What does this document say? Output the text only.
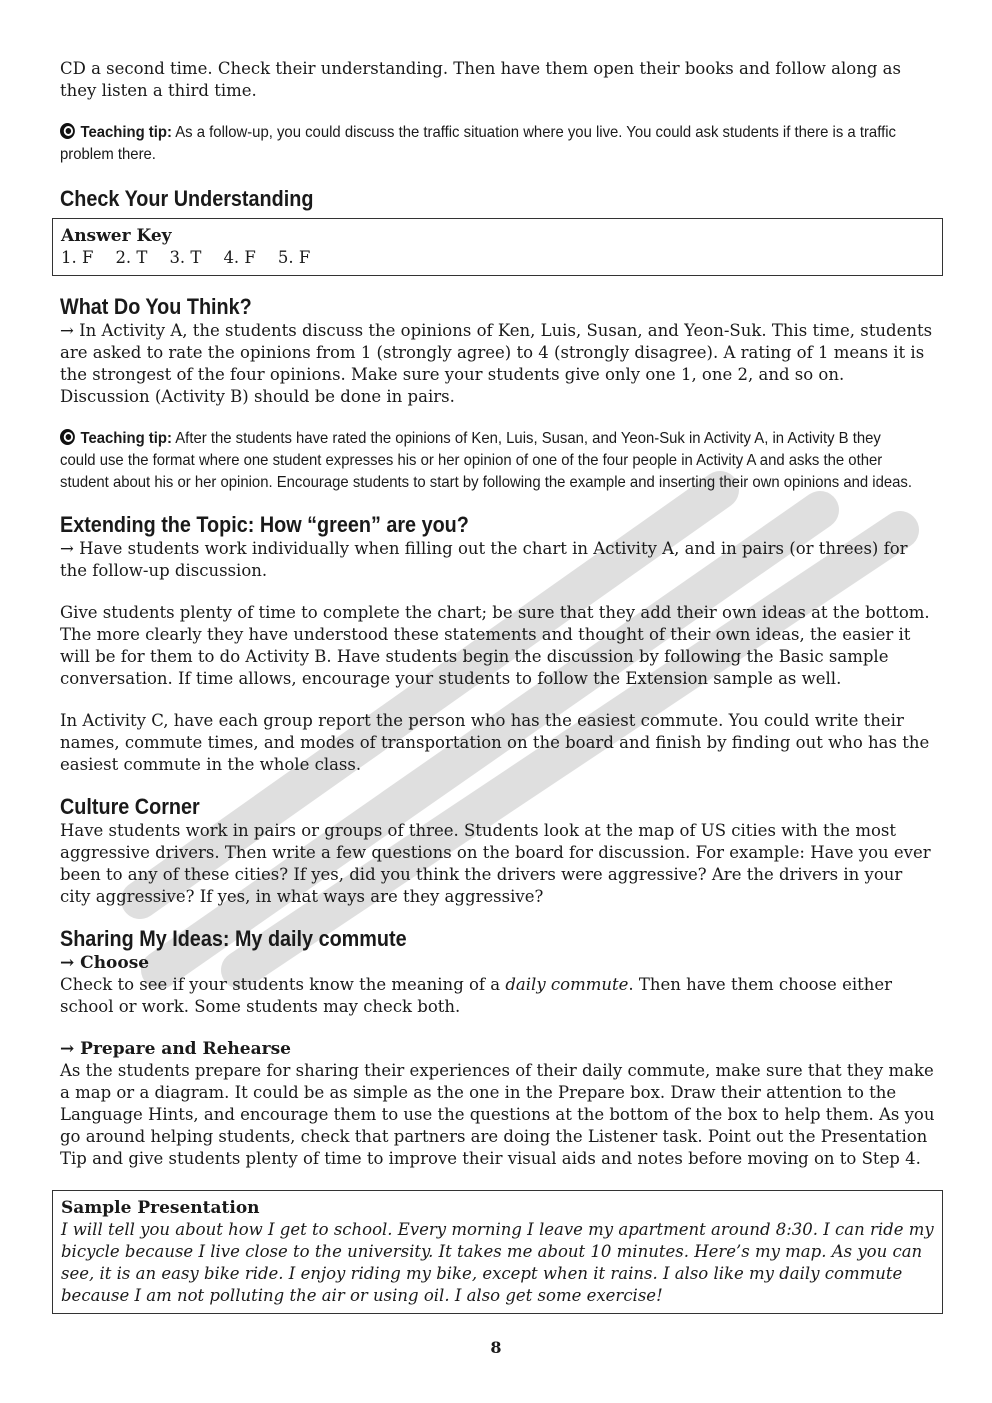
CD a second time. Check their understanding. Then have them open their books and follow along as they listen a third time.

Teaching tip: As a follow-up, you could discuss the traffic situation where you live. You could ask students if there is a traffic problem there.

Check Your Understanding
Answer Key
1. F 2. T 3. T 4. F 5. F
What Do You Think?

→ In Activity A, the students discuss the opinions of Ken, Luis, Susan, and Yeon-Suk. This time, students are asked to rate the opinions from 1 (strongly agree) to 4 (strongly disagree). A rating of 1 means it is the strongest of the four opinions. Make sure your students give only one 1, one 2, and so on. Discussion (Activity B) should be done in pairs.

Teaching tip: After the students have rated the opinions of Ken, Luis, Susan, and Yeon-Suk in Activity A, in Activity B they could use the format where one student expresses his or her opinion of one of the four people in Activity A and asks the other student about his or her opinion. Encourage students to start by following the example and inserting their own opinions and ideas.

Extending the Topic: How “green” are you?

→ Have students work individually when filling out the chart in Activity A, and in pairs (or threes) for the follow-up discussion.

Give students plenty of time to complete the chart; be sure that they add their own ideas at the bottom. The more clearly they have understood these statements and thought of their own ideas, the easier it will be for them to do Activity B. Have students begin the discussion by following the Basic sample conversation. If time allows, encourage your students to follow the Extension sample as well.

In Activity C, have each group report the person who has the easiest commute. You could write their names, commute times, and modes of transportation on the board and finish by finding out who has the easiest commute in the whole class.

Culture Corner

Have students work in pairs or groups of three. Students look at the map of US cities with the most aggressive drivers. Then write a few questions on the board for discussion. For example: Have you ever been to any of these cities? If yes, did you think the drivers were aggressive? Are the drivers in your city aggressive? If yes, in what ways are they aggressive?

Sharing My Ideas: My daily commute
→ Choose

Check to see if your students know the meaning of a daily commute. Then have them choose either school or work. Some students may check both.

→ Prepare and Rehearse

As the students prepare for sharing their experiences of their daily commute, make sure that they make a map or a diagram. It could be as simple as the one in the Prepare box. Draw their attention to the Language Hints, and encourage them to use the questions at the bottom of the box to help them. As you go around helping students, check that partners are doing the Listener task. Point out the Presentation Tip and give students plenty of time to improve their visual aids and notes before moving on to Step 4.

Sample Presentation

I will tell you about how I get to school. Every morning I leave my apartment around 8:30. I can ride my bicycle because I live close to the university. It takes me about 10 minutes. Here’s my map. As you can see, it is an easy bike ride. I enjoy riding my bike, except when it rains. I also like my daily commute because I am not polluting the air or using oil. I also get some exercise!

8
